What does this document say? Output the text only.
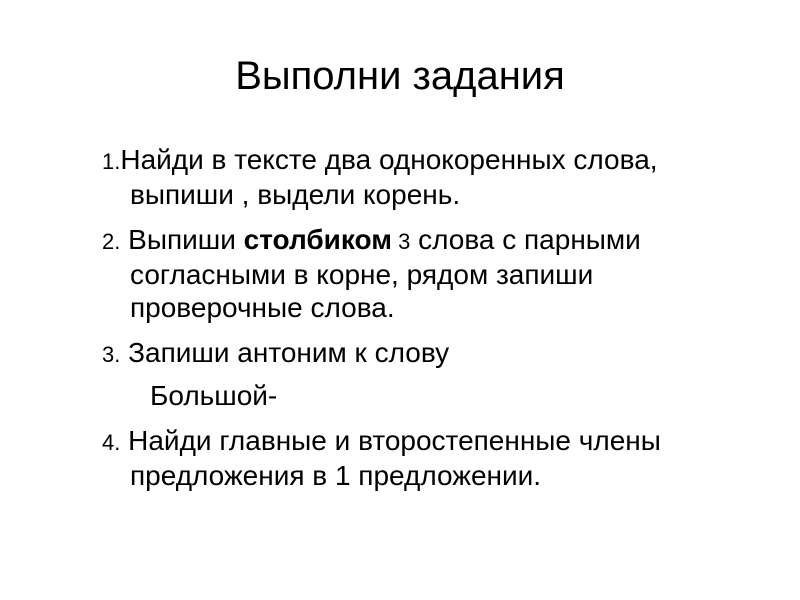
Выполни задания
1.Найди в тексте два однокоренных слова, выпиши , выдели корень.
2. Выпиши столбиком 3 слова с парными согласными в корне, рядом запиши проверочные слова.
3. Запиши антоним к слову
Большой-
4. Найди главные и второстепенные члены предложения в 1 предложении.
